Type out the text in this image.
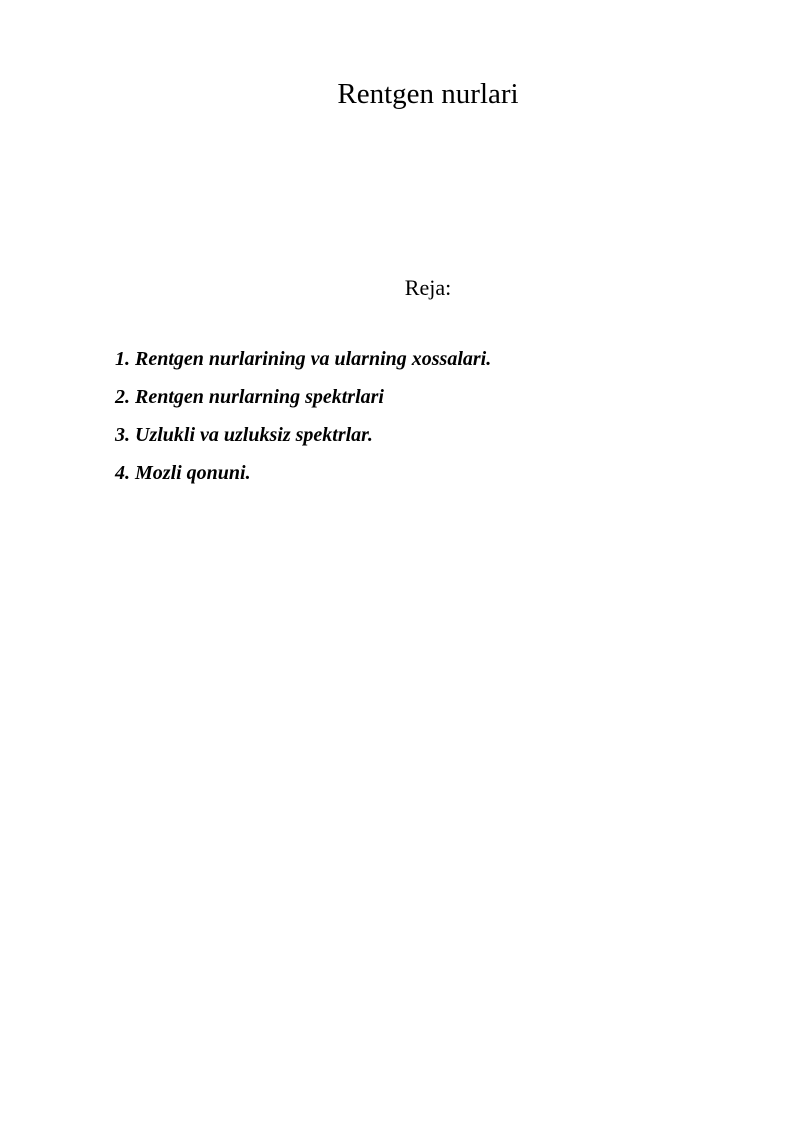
Rentgen nurlari
Reja:
1. Rentgen nurlarining va ularning xossalari.
2. Rentgen nurlarning spektrlari
3. Uzlukli va uzluksiz spektrlar.
4. Mozli qonuni.
